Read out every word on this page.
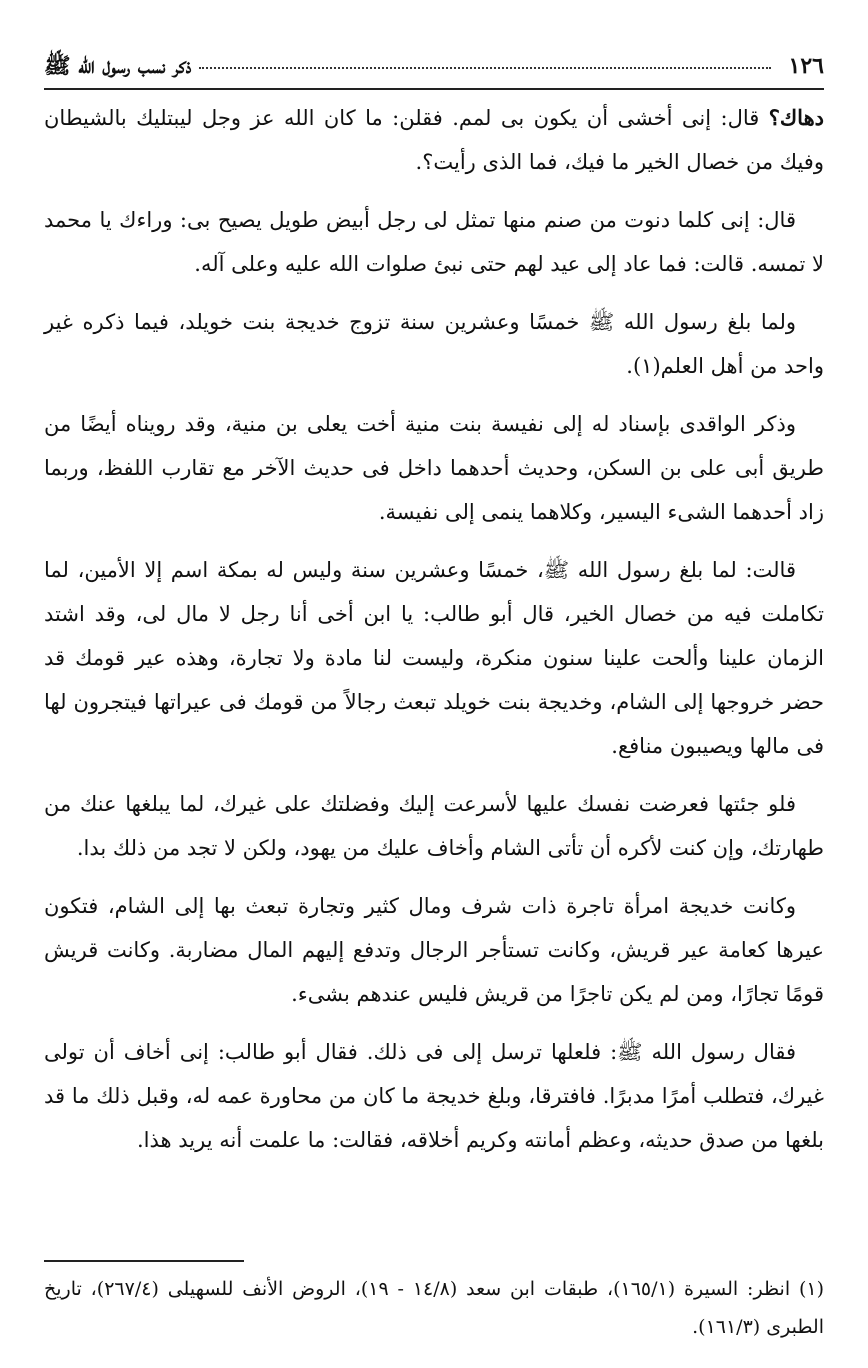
١٢٦
ذكر نسب رسول الله ﷺ

دهاك؟ قال: إنى أخشى أن يكون بى لمم. فقلن: ما كان الله عز وجل ليبتليك بالشيطان وفيك من خصال الخير ما فيك، فما الذى رأيت؟.

قال: إنى كلما دنوت من صنم منها تمثل لى رجل أبيض طويل يصيح بى: وراءك يا محمد لا تمسه. قالت: فما عاد إلى عيد لهم حتى نبئ صلوات الله عليه وعلى آله.

ولما بلغ رسول الله ﷺ خمسًا وعشرين سنة تزوج خديجة بنت خويلد، فيما ذكره غير واحد من أهل العلم(١).

وذكر الواقدى بإسناد له إلى نفيسة بنت منية أخت يعلى بن منية، وقد رويناه أيضًا من طريق أبى على بن السكن، وحديث أحدهما داخل فى حديث الآخر مع تقارب اللفظ، وربما زاد أحدهما الشىء اليسير، وكلاهما ينمى إلى نفيسة.

قالت: لما بلغ رسول الله ﷺ، خمسًا وعشرين سنة وليس له بمكة اسم إلا الأمين، لما تكاملت فيه من خصال الخير، قال أبو طالب: يا ابن أخى أنا رجل لا مال لى، وقد اشتد الزمان علينا وألحت علينا سنون منكرة، وليست لنا مادة ولا تجارة، وهذه عير قومك قد حضر خروجها إلى الشام، وخديجة بنت خويلد تبعث رجالاً من قومك فى عيراتها فيتجرون لها فى مالها ويصيبون منافع.

فلو جئتها فعرضت نفسك عليها لأسرعت إليك وفضلتك على غيرك، لما يبلغها عنك من طهارتك، وإن كنت لأكره أن تأتى الشام وأخاف عليك من يهود، ولكن لا تجد من ذلك بدا.

وكانت خديجة امرأة تاجرة ذات شرف ومال كثير وتجارة تبعث بها إلى الشام، فتكون عيرها كعامة عير قريش، وكانت تستأجر الرجال وتدفع إليهم المال مضاربة. وكانت قريش قومًا تجارًا، ومن لم يكن تاجرًا من قريش فليس عندهم بشىء.

فقال رسول الله ﷺ: فلعلها ترسل إلى فى ذلك. فقال أبو طالب: إنى أخاف أن تولى غيرك، فتطلب أمرًا مدبرًا. فافترقا، وبلغ خديجة ما كان من محاورة عمه له، وقبل ذلك ما قد بلغها من صدق حديثه، وعظم أمانته وكريم أخلاقه، فقالت: ما علمت أنه يريد هذا.

(١) انظر: السيرة (١٦٥/١)، طبقات ابن سعد (١٤/٨ - ١٩)، الروض الأنف للسهيلى (٢٦٧/٤)، تاريخ الطبرى (١٦١/٣).
